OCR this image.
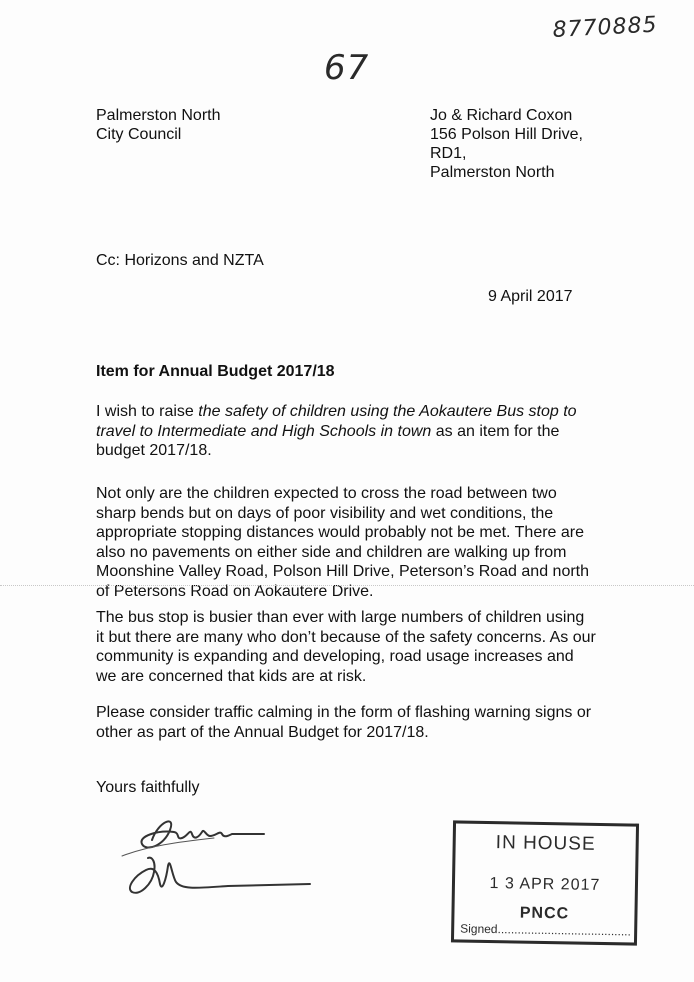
8770885
67
Palmerston North
City Council
Jo & Richard Coxon
156 Polson Hill Drive,
RD1,
Palmerston North
Cc: Horizons and NZTA
9 April 2017
Item for Annual Budget 2017/18
I wish to raise the safety of children using the Aokautere Bus stop to travel to Intermediate and High Schools in town as an item for the budget 2017/18.
Not only are the children expected to cross the road between two sharp bends but on days of poor visibility and wet conditions, the appropriate stopping distances would probably not be met. There are also no pavements on either side and children are walking up from Moonshine Valley Road, Polson Hill Drive, Peterson’s Road and north of Petersons Road on Aokautere Drive.
The bus stop is busier than ever with large numbers of children using it but there are many who don’t because of the safety concerns. As our community is expanding and developing, road usage increases and we are concerned that kids are at risk.
Please consider traffic calming in the form of flashing warning signs or other as part of the Annual Budget for 2017/18.
Yours faithfully
IN HOUSE
1 3 APR 2017
PNCC
Signed........................................
